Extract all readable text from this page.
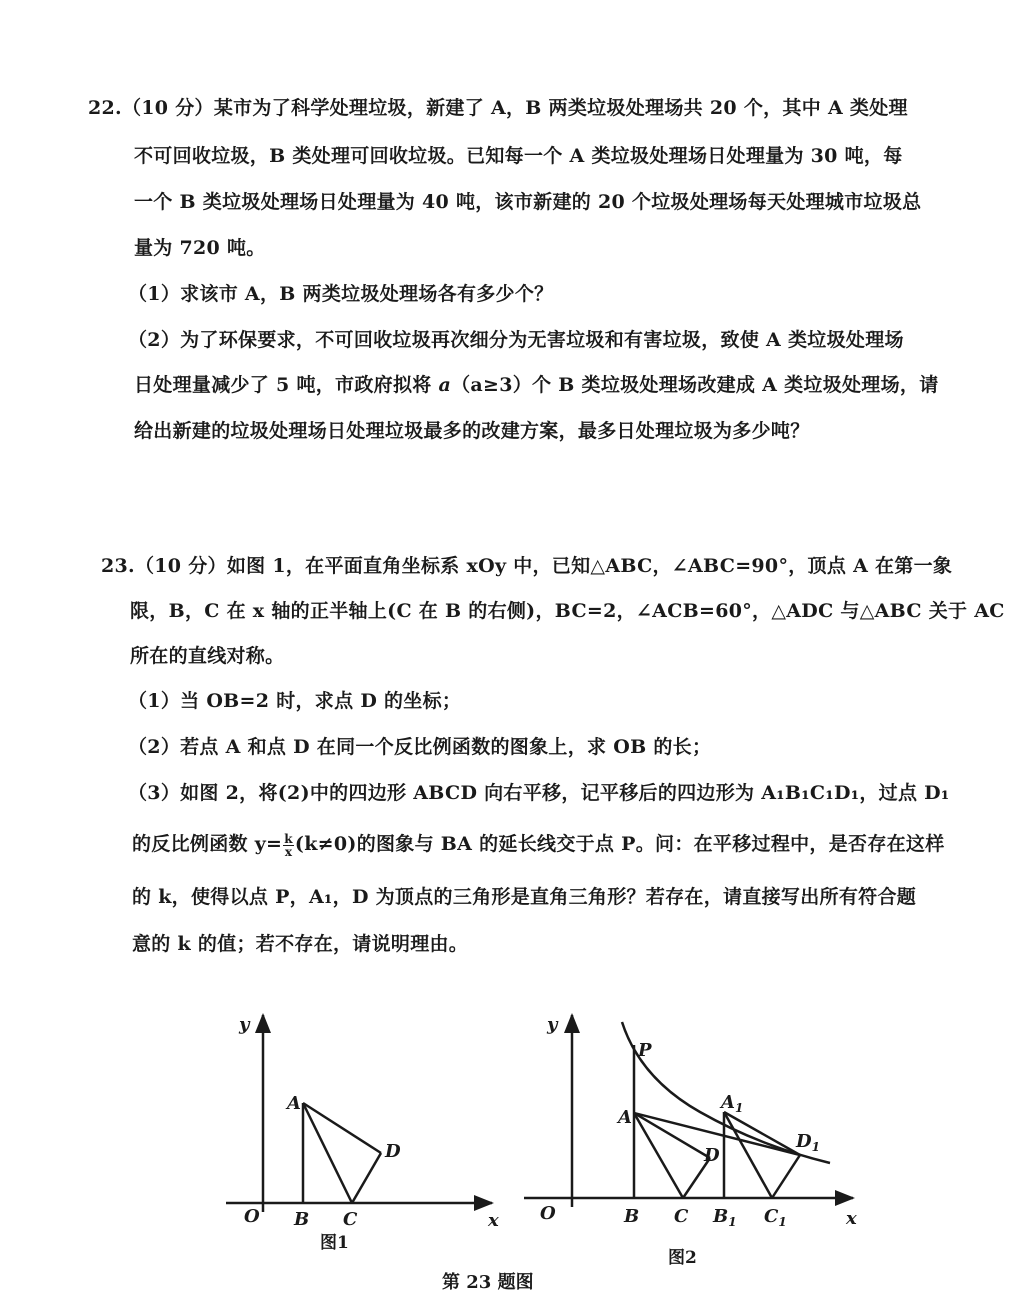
22.（10 分）某市为了科学处理垃圾，新建了 A，B 两类垃圾处理场共 20 个，其中 A 类处理
不可回收垃圾，B 类处理可回收垃圾。已知每一个 A 类垃圾处理场日处理量为 30 吨，每
一个 B 类垃圾处理场日处理量为 40 吨，该市新建的 20 个垃圾处理场每天处理城市垃圾总
量为 720 吨。
（1）求该市 A，B 两类垃圾处理场各有多少个？
（2）为了环保要求，不可回收垃圾再次细分为无害垃圾和有害垃圾，致使 A 类垃圾处理场
日处理量减少了 5 吨，市政府拟将 a（a≥3）个 B 类垃圾处理场改建成 A 类垃圾处理场，请
给出新建的垃圾处理场日处理垃圾最多的改建方案，最多日处理垃圾为多少吨？
23.（10 分）如图 1，在平面直角坐标系 xOy 中，已知△ABC，∠ABC=90°，顶点 A 在第一象
限，B，C 在 x 轴的正半轴上(C 在 B 的右侧)，BC=2，∠ACB=60°，△ADC 与△ABC 关于 AC
所在的直线对称。
（1）当 OB=2 时，求点 D 的坐标；
（2）若点 A 和点 D 在同一个反比例函数的图象上，求 OB 的长；
（3）如图 2，将(2)中的四边形 ABCD 向右平移，记平移后的四边形为 A₁B₁C₁D₁，过点 D₁
的反比例函数 $y= \frac{k}{x} (k\ne 0)$的图象与 BA 的延长线交于点 P。问：在平移过程中，是否存在这样
的 k，使得以点 P，A₁，D 为顶点的三角形是直角三角形？若存在，请直接写出所有符合题
意的 k 的值；若不存在，请说明理由。
y
x
O
A
B C
D
y
x
O
P
A
B C
D
$A_1$
$B_1$ $C_1$
$D_1$
图1
图2
第 23 题图
